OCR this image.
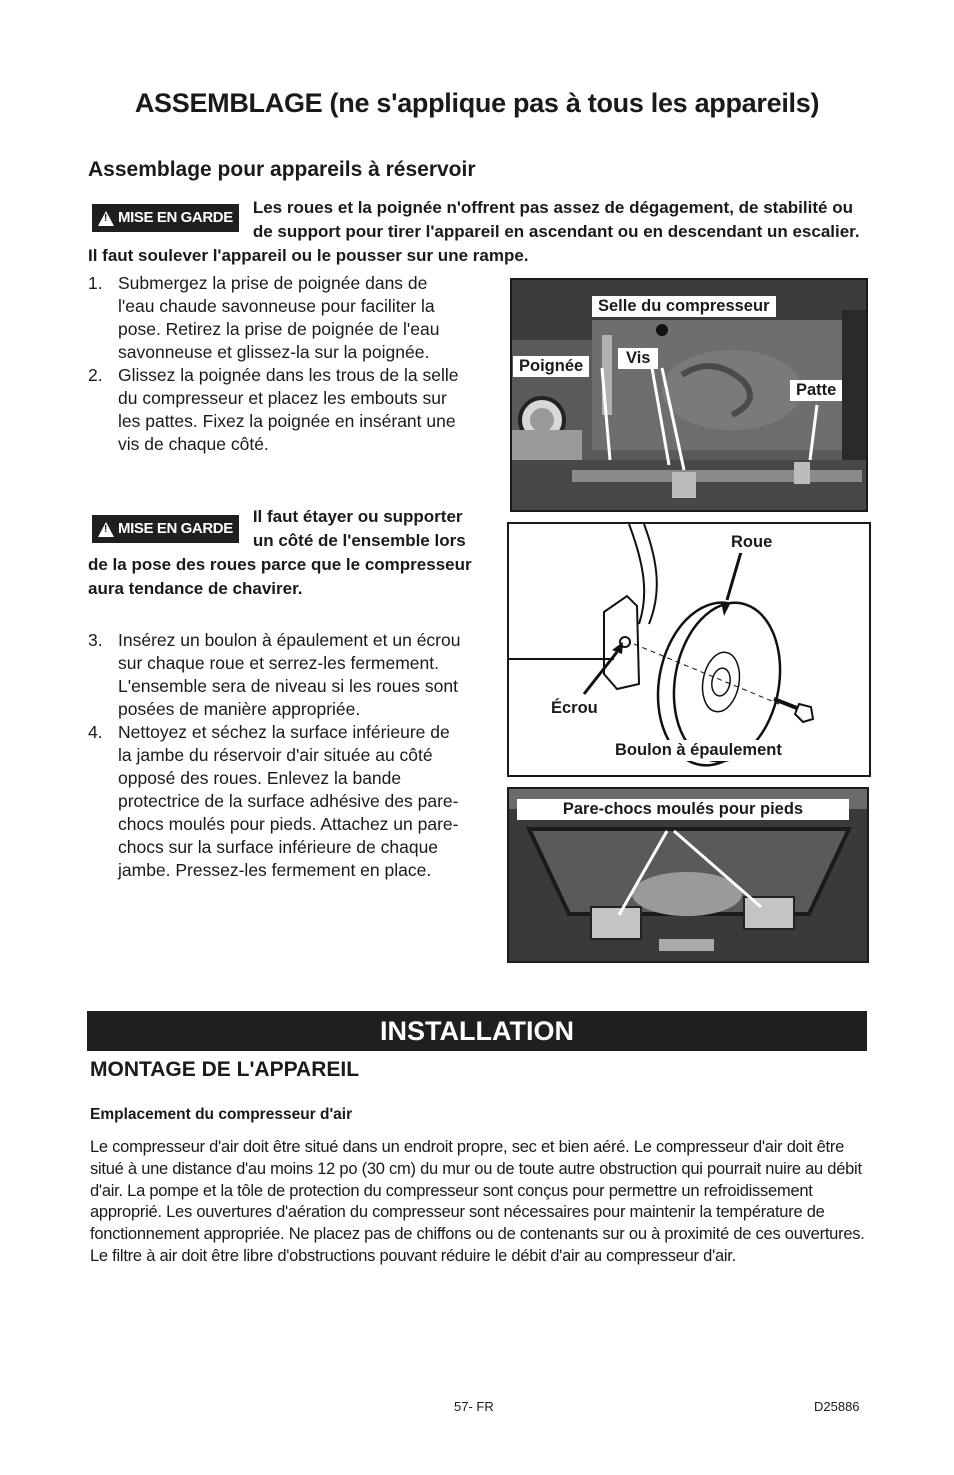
ASSEMBLAGE (ne s'applique pas à tous les appareils)
Assemblage pour appareils à réservoir
!
MISE EN GARDE
Les roues et la poignée n'offrent pas assez de dégagement, de stabilité ou de support pour tirer l'appareil en ascendant ou en descendant un escalier. Il faut soulever l'appareil ou le pousser sur une rampe.
1. Submergez la prise de poignée dans de l'eau chaude savonneuse pour faciliter la pose. Retirez la prise de poignée de l'eau savonneuse et glissez-la sur la poignée.
2. Glissez la poignée dans les trous de la selle du compresseur et placez les embouts sur les pattes. Fixez la poignée en insérant une vis de chaque côté.
!
MISE EN GARDE
Il faut étayer ou supporter un côté de l'ensemble lors de la pose des roues parce que le compresseur aura tendance de chavirer.
3. Insérez un boulon à épaulement et un écrou sur chaque roue et serrez-les fermement. L'ensemble sera de niveau si les roues sont posées de manière appropriée.
4. Nettoyez et séchez la surface inférieure de la jambe du réservoir d'air située au côté opposé des roues. Enlevez la bande protectrice de la surface adhésive des pare-chocs moulés pour pieds. Attachez un pare-chocs sur la surface inférieure de chaque jambe. Pressez-les fermement en place.
Selle du compresseur
Vis
Poignée
Patte
Roue
Écrou
Boulon à épaulement
Pare-chocs moulés pour pieds
INSTALLATION
MONTAGE DE L'APPAREIL
Emplacement du compresseur d'air
Le compresseur d'air doit être situé dans un endroit propre, sec et bien aéré. Le compresseur d'air doit être situé à une distance d'au moins 12 po (30 cm) du mur ou de toute autre obstruction qui pourrait nuire au débit d'air. La pompe et la tôle de protection du compresseur sont conçus pour permettre un refroidissement approprié. Les ouvertures d'aération du compresseur sont nécessaires pour maintenir la température de fonctionnement appropriée. Ne placez pas de chiffons ou de contenants sur ou à proximité de ces ouvertures. Le filtre à air doit être libre d'obstructions pouvant réduire le débit d'air au compresseur d'air.
57- FR	D25886
